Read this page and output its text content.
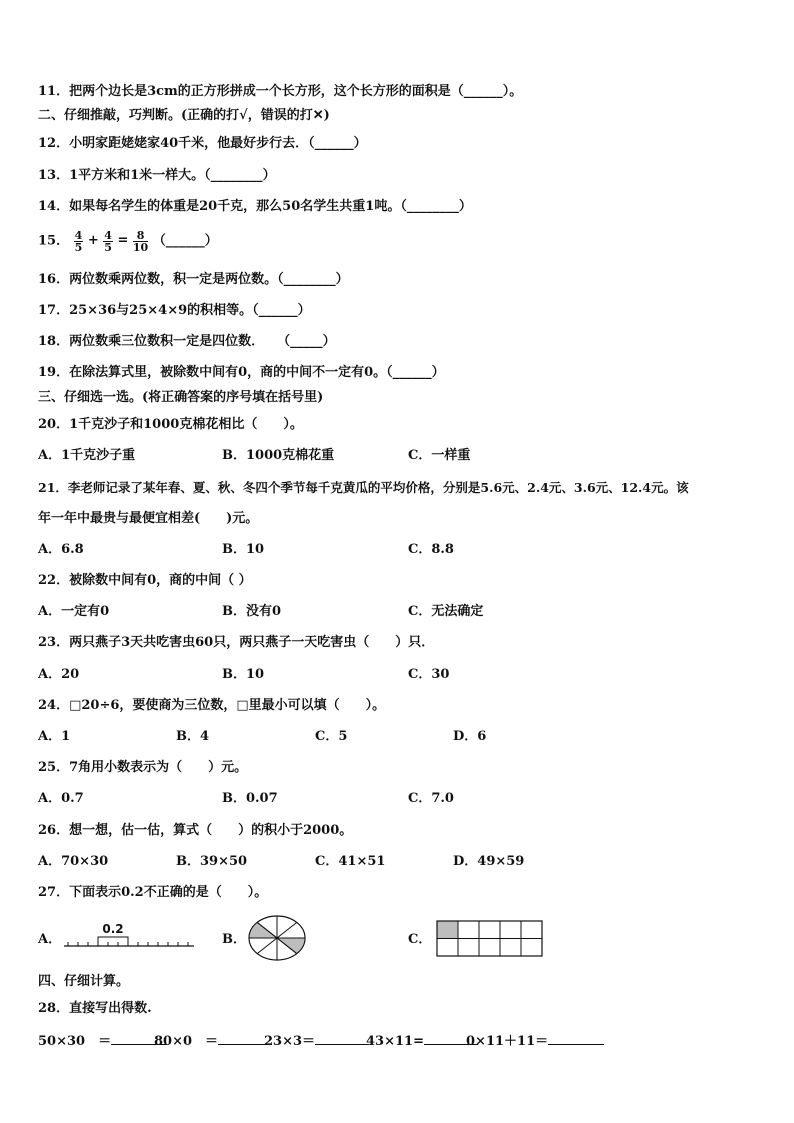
11．把两个边长是3cm的正方形拼成一个长方形，这个长方形的面积是（______）。
二、仔细推敲，巧判断。(正确的打√，错误的打✕)
12．小明家距姥姥家40千米，他最好步行去．（______）
13．1平方米和1米一样大。（________）
14．如果每名学生的体重是20千克，那么50名学生共重1吨。（________）
15． $\frac{4}{5} + \frac{4}{5} = \frac{8}{10}$ （______）
16．两位数乘两位数，积一定是两位数。（________）
17．25×36与25×4×9的积相等。（______）
18．两位数乘三位数积一定是四位数．　　（_____）
19．在除法算式里，被除数中间有0，商的中间不一定有0。（______）
三、仔细选一选。(将正确答案的序号填在括号里)
20．1千克沙子和1000克棉花相比（　　）。
A．1千克沙子重	B．1000克棉花重	C．一样重
21．李老师记录了某年春、夏、秋、冬四个季节每千克黄瓜的平均价格，分别是5.6元、2.4元、3.6元、12.4元。该
年一年中最贵与最便宜相差(　　)元。
A．6.8	B．10	C．8.8
22．被除数中间有0，商的中间（ ）
A．一定有0	B．没有0	C．无法确定
23．两只燕子3天共吃害虫60只，两只燕子一天吃害虫（　　）只．
A．20	B．10	C．30
24．□20÷6，要使商为三位数，□里最小可以填（　　）。
A．1	B．4	C．5	D．6
25．7角用小数表示为（　　）元。
A．0.7	B．0.07	C．7.0
26．想一想，估一估，算式（　　）的积小于2000。
A．70×30	B．39×50	C．41×51	D．49×59
27．下面表示0.2不正确的是（　　）。
A．
0.2
B．	C．
四、仔细计算。
28．直接写出得数.
50×30　＝	80×0　＝	23×3＝	43×11=	0×11＋11＝
